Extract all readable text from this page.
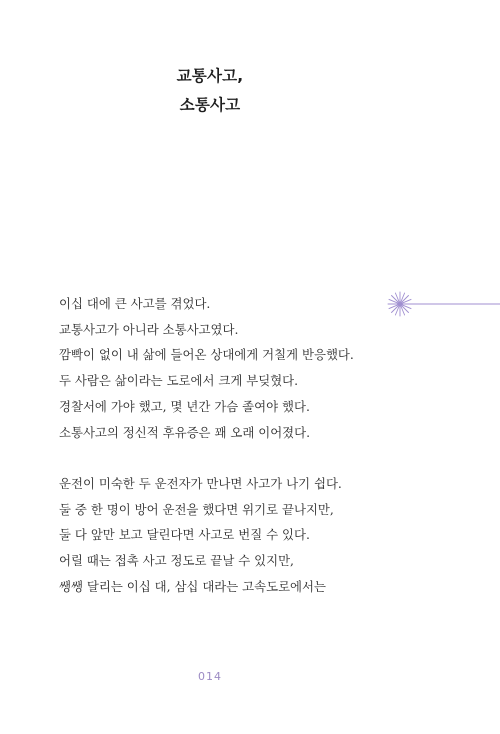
교통사고,
소통사고

이십 대에 큰 사고를 겪었다.
교통사고가 아니라 소통사고였다.
깜빡이 없이 내 삶에 들어온 상대에게 거칠게 반응했다.
두 사람은 삶이라는 도로에서 크게 부딪혔다.
경찰서에 가야 했고, 몇 년간 가슴 졸여야 했다.
소통사고의 정신적 후유증은 꽤 오래 이어졌다.

운전이 미숙한 두 운전자가 만나면 사고가 나기 쉽다.
둘 중 한 명이 방어 운전을 했다면 위기로 끝나지만,
둘 다 앞만 보고 달린다면 사고로 번질 수 있다.
어릴 때는 접촉 사고 정도로 끝날 수 있지만,
쌩쌩 달리는 이십 대, 삼십 대라는 고속도로에서는

014
